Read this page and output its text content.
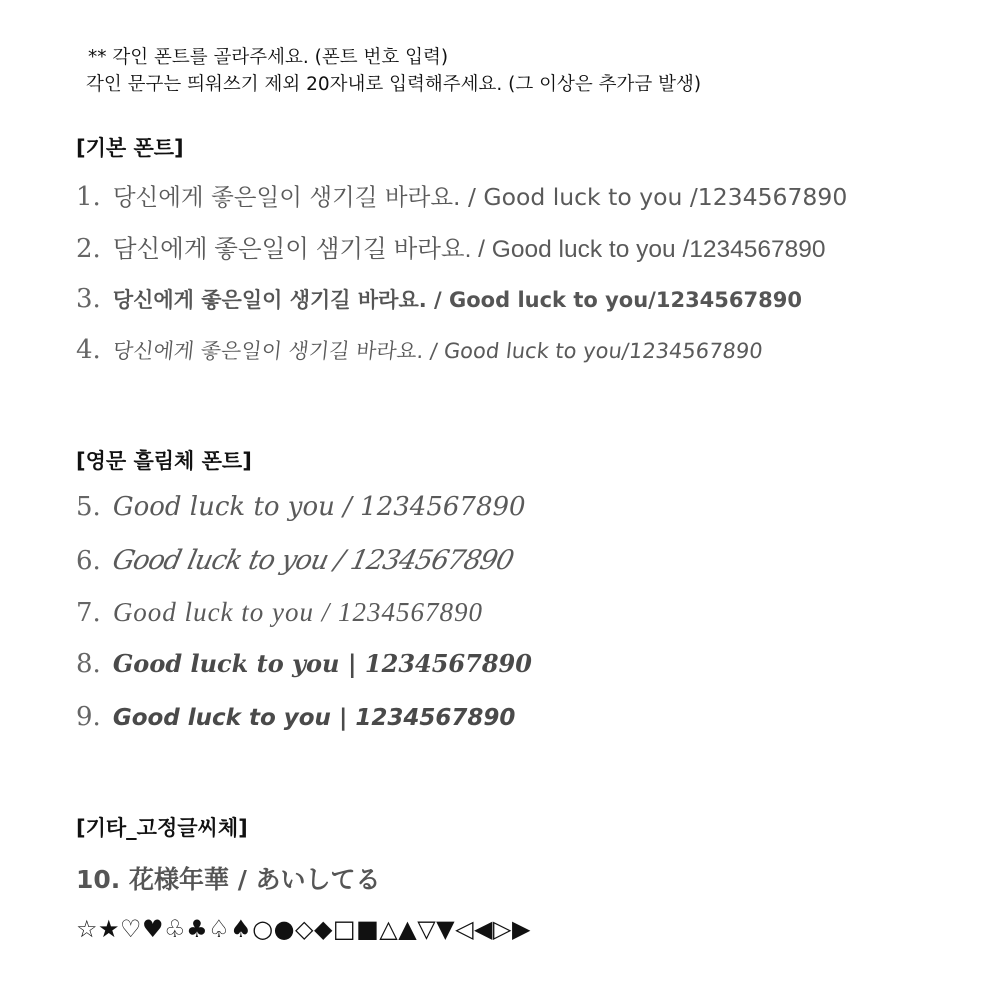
** 각인 폰트를 골라주세요. (폰트 번호 입력)

각인 문구는 띄워쓰기 제외 20자내로 입력해주세요. (그 이상은 추가금 발생)

[기본 폰트]
1. 당신에게 좋은일이 생기길 바라요. / Good luck to you /1234567890
2. 담신에게 좋은일이 샘기길 바라요. / Good luck to you /1234567890
3. 당신에게 좋은일이 생기길 바라요. / Good luck to you/1234567890
4. 당신에게 좋은일이 생기길 바라요. / Good luck to you/1234567890
[영문 흘림체 폰트]
5. Good luck to you / 1234567890
6. Good luck to you / 1234567890
7. Good luck to you / 1234567890
8. Good luck to you | 1234567890
9. Good luck to you | 1234567890
[기타_고정글씨체]
10. 花様年華 / あいしてる
☆★♡♥♧♣♤♠○●◇◆□■△▲▽▼◁◀▷▶
